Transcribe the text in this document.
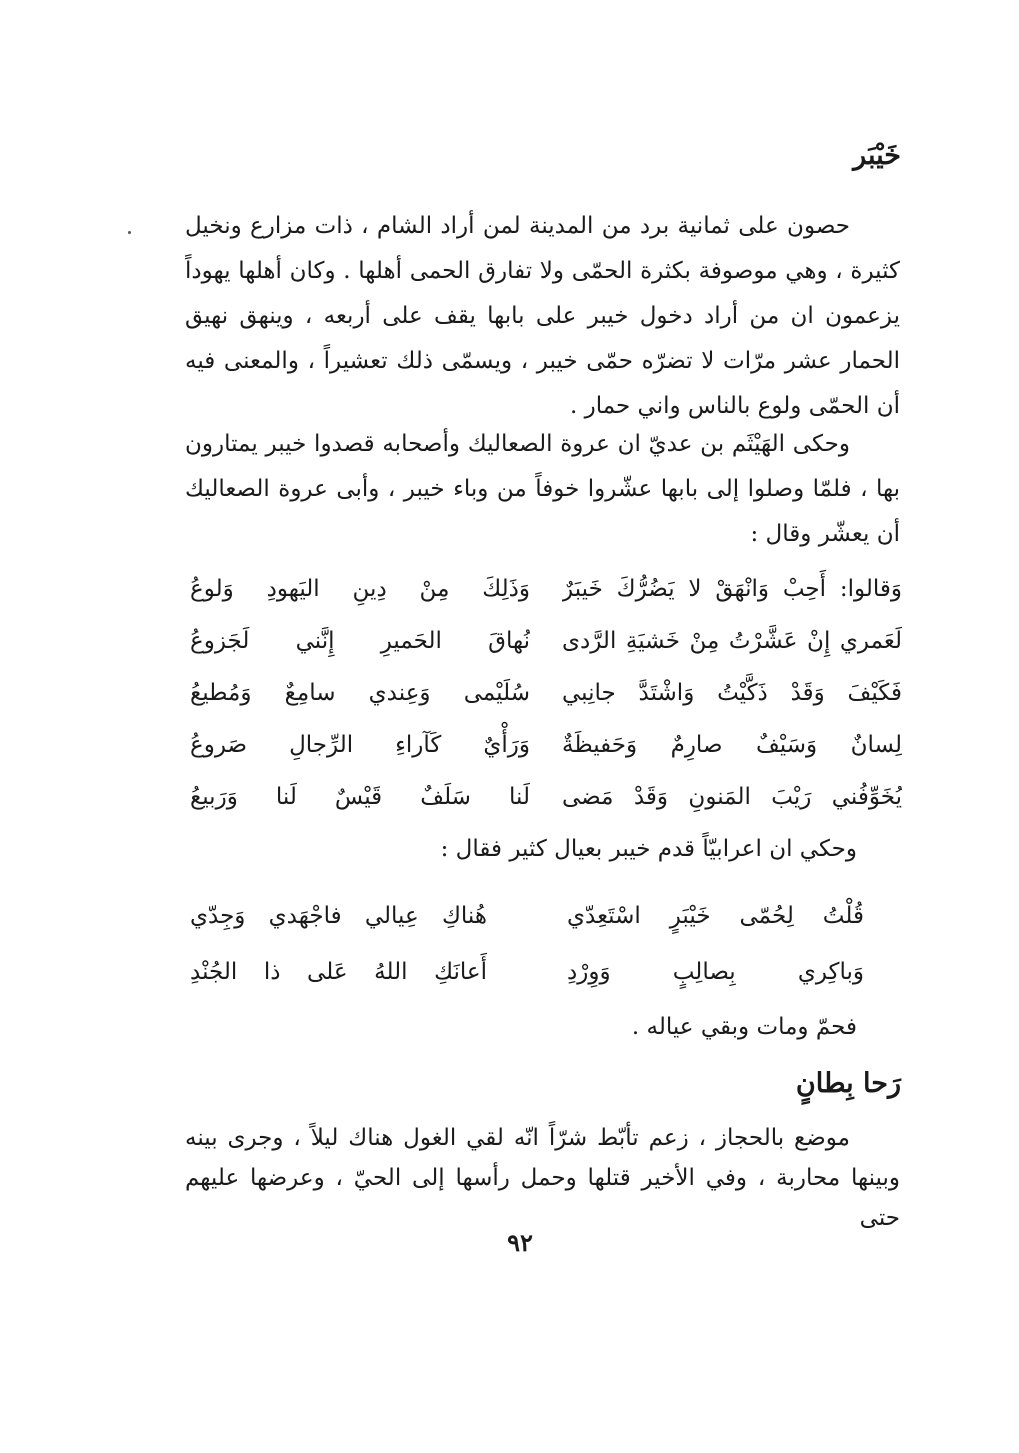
خَيْبَر

حصون على ثمانية برد من المدينة لمن أراد الشام ، ذات مزارع ونخيل كثيرة ، وهي موصوفة بكثرة الحمّى ولا تفارق الحمى أهلها . وكان أهلها يهوداً يزعمون ان من أراد دخول خيبر على بابها يقف على أربعه ، وينهق نهيق الحمار عشر مرّات لا تضرّه حمّى خيبر ، ويسمّى ذلك تعشيراً ، والمعنى فيه أن الحمّى ولوع بالناس واني حمار .

وحكى الهَيْثَم بن عديّ ان عروة الصعاليك وأصحابه قصدوا خيبر يمتارون بها ، فلمّا وصلوا إلى بابها عشّروا خوفاً من وباء خيبر ، وأبى عروة الصعاليك أن يعشّر وقال :

وَقالوا: أَحِبْ وَانْهَقْ لا يَضُرُّكَ خَيبَرٌ
وَذَلِكَ مِنْ دِينِ اليَهودِ وَلوعُ
لَعَمري إِنْ عَشَّرْتُ مِنْ خَشيَةِ الرَّدى
نُهاقَ الحَميرِ إِنَّني لَجَزوعُ
فَكَيْفَ وَقَدْ ذَكَّيْتُ وَاشْتَدَّ جانِبي
سُلَيْمى وَعِندي سامِعٌ وَمُطيعُ
لِسانٌ وَسَيْفٌ صارِمٌ وَحَفيظَةٌ
وَرَأْيٌ كَآراءِ الرِّجالِ صَروعُ
يُخَوِّفُني رَيْبَ المَنونِ وَقَدْ مَضى
لَنا سَلَفٌ قَيْسٌ لَنا وَرَبيعُ

وحكي ان اعرابيّاً قدم خيبر بعيال كثير فقال :

قُلْتُ لِحُمّى خَيْبَرٍ اسْتَعِدّي
هُناكِ عِيالي فاجْهَدي وَجِدّي
وَباكِري بِصالِبٍ وَوِرْدِ
أَعانَكِ اللهُ عَلى ذا الجُنْدِ

فحمّ ومات وبقي عياله .

رَحا بِطانٍ

موضع بالحجاز ، زعم تأبّط شرّاً انّه لقي الغول هناك ليلاً ، وجرى بينه وبينها محاربة ، وفي الأخير قتلها وحمل رأسها إلى الحيّ ، وعرضها عليهم حتى

٩٢
